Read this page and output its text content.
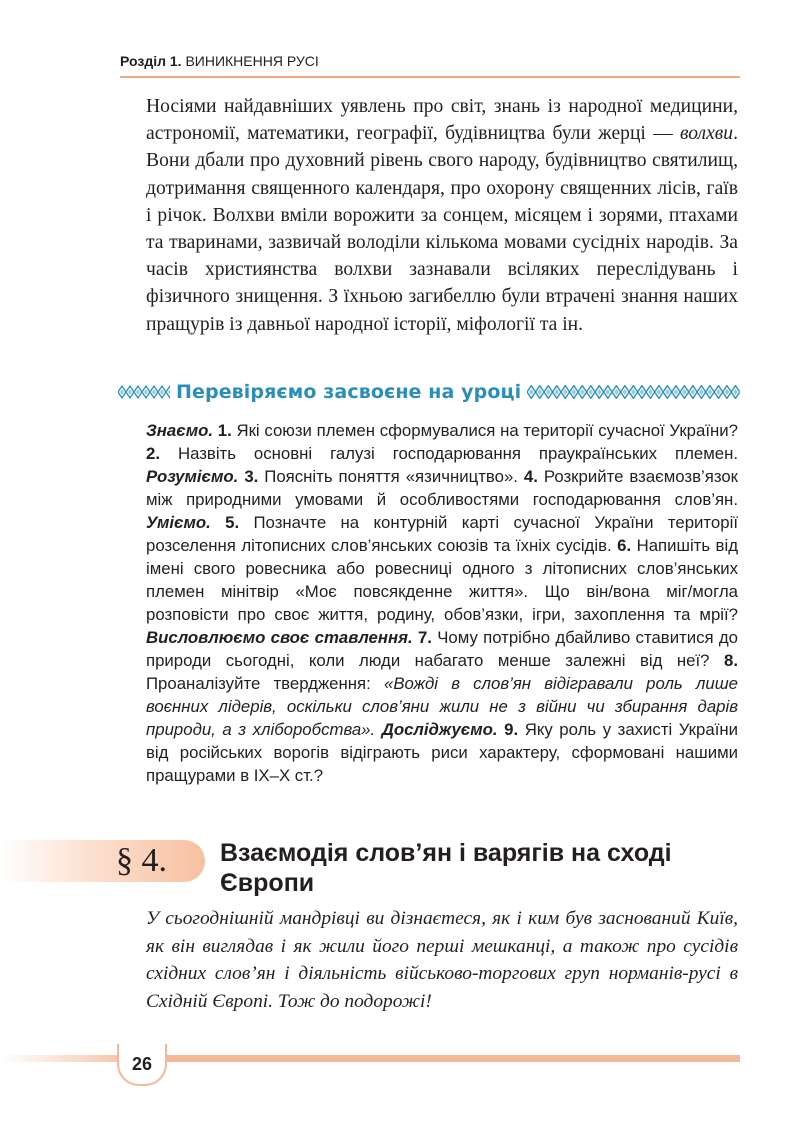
Розділ 1. ВИНИКНЕННЯ РУСІ

Носіями найдавніших уявлень про світ, знань із народної медицини, астрономії, математики, географії, будівництва були жерці — волхви. Вони дбали про духовний рівень свого народу, будівництво святилищ, дотримання священного календаря, про охорону священних лісів, гаїв і річок. Волхви вміли ворожити за сонцем, місяцем і зорями, птахами та тваринами, зазвичай володіли кількома мовами сусідніх народів. За часів християнства волхви зазнавали всіляких переслідувань і фізичного знищення. З їхньою загибеллю були втрачені знання наших пращурів із давньої народної історії, міфології та ін.

Перевіряємо засвоєне на уроці

Знаємо. 1. Які союзи племен сформувалися на території сучасної України? 2. Назвіть основні галузі господарювання праукраїнських племен. Розуміємо. 3. Поясніть поняття «язичництво». 4. Розкрийте взаємозв’язок між природними умовами й особливостями господарювання слов’ян. Уміємо. 5. Позначте на контурній карті сучасної України території розселення літописних слов’янських союзів та їхніх сусідів. 6. Напишіть від імені свого ровесника або ровесниці одного з літописних слов’янських племен мінітвір «Моє повсякденне життя». Що він/вона міг/могла розповісти про своє життя, родину, обов’язки, ігри, захоплення та мрії? Висловлюємо своє ставлення. 7. Чому потрібно дбайливо ставитися до природи сьогодні, коли люди набагато менше залежні від неї? 8. Проаналізуйте твердження: «Вожді в слов’ян відігравали роль лише воєнних лідерів, оскільки слов’яни жили не з війни чи збирання дарів природи, а з хліборобства». Досліджуємо. 9. Яку роль у захисті України від російських ворогів відіграють риси характеру, сформовані нашими пращурами в IX–X ст.?

§ 4.	Взаємодія слов’ян і варягів на сході Європи

У сьогоднішній мандрівці ви дізнаєтеся, як і ким був заснований Київ, як він виглядав і як жили його перші мешканці, а також про сусідів східних слов’ян і діяльність військово-торгових груп норманів-русі в Східній Європі. Тож до подорожі!

26
